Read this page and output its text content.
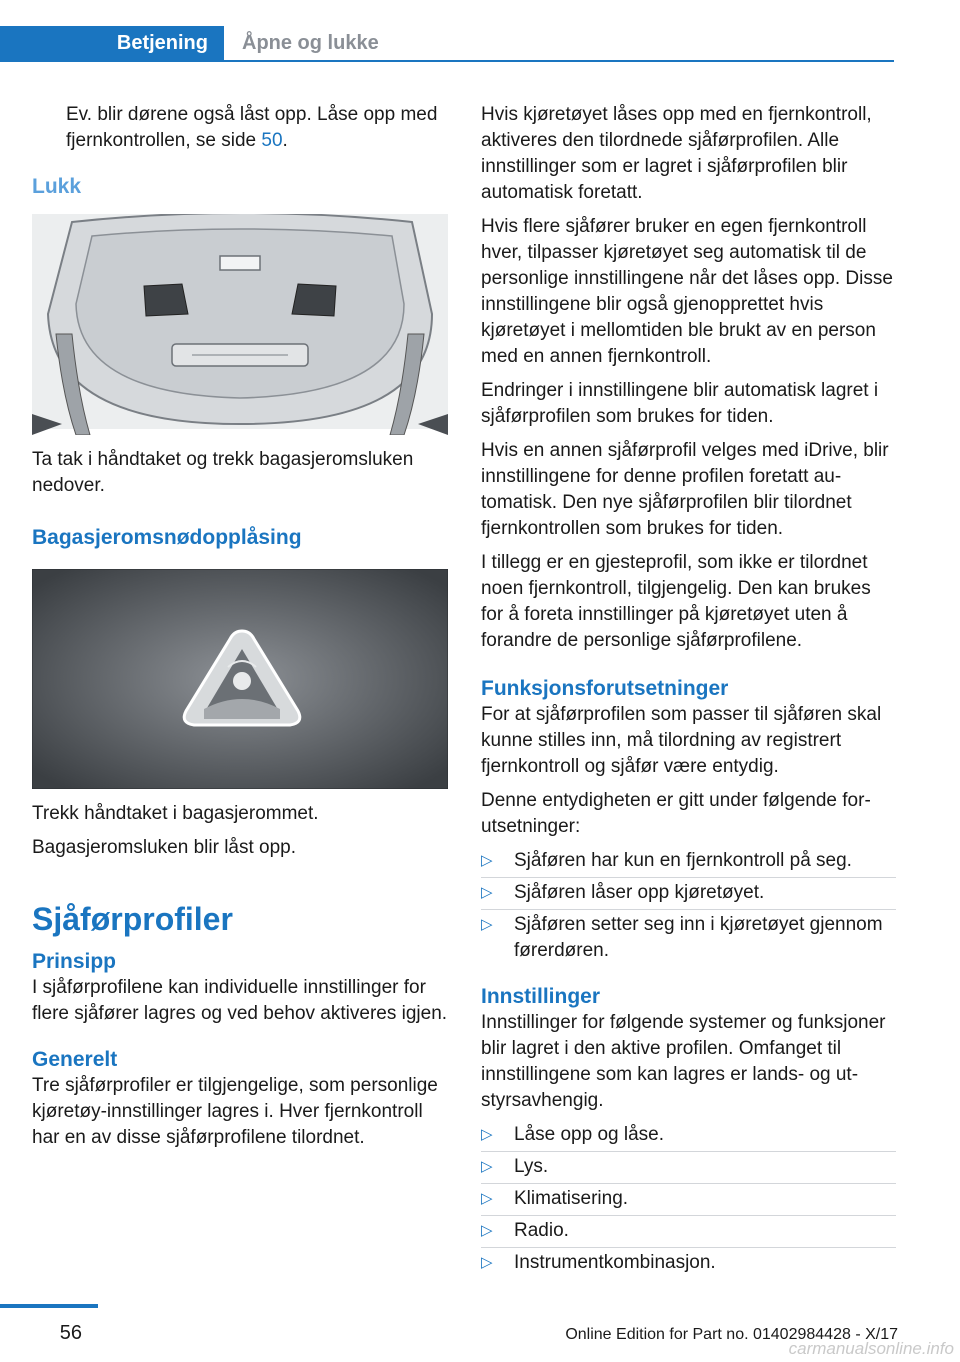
Betjening	Åpne og lukke

Ev. blir dørene også låst opp. Låse opp med fjernkontrollen, se side 50.

Lukk

Ta tak i håndtaket og trekk bagasjeromsluken nedover.

Bagasjeromsnødopplåsing

Trekk håndtaket i bagasjerommet.

Bagasjeromsluken blir låst opp.

Sjåførprofiler
Prinsipp

I sjåførprofilene kan individuelle innstillinger for flere sjåfører lagres og ved behov aktiveres igjen.

Generelt

Tre sjåførprofiler er tilgjengelige, som personlige kjøretøy-innstillinger lagres i. Hver fjernkontroll har en av disse sjåførprofilene tilordnet.

Hvis kjøretøyet låses opp med en fjernkontroll, aktiveres den tilordnede sjåførprofilen. Alle innstillinger som er lagret i sjåførprofilen blir automatisk foretatt.

Hvis flere sjåfører bruker en egen fjernkontroll hver, tilpasser kjøretøyet seg automatisk til de personlige innstillingene når det låses opp. Disse innstillingene blir også gjenopprettet hvis kjøretøyet i mellomtiden ble brukt av en person med en annen fjernkontroll.

Endringer i innstillingene blir automatisk lagret i sjåførprofilen som brukes for tiden.

Hvis en annen sjåførprofil velges med iDrive, blir innstillingene for denne profilen foretatt automatisk. Den nye sjåførprofilen blir tilordnet fjernkontrollen som brukes for tiden.

I tillegg er en gjesteprofil, som ikke er tilordnet noen fjernkontroll, tilgjengelig. Den kan brukes for å foreta innstillinger på kjøretøyet uten å forandre de personlige sjåførprofilene.

Funksjonsforutsetninger

For at sjåførprofilen som passer til sjåføren skal kunne stilles inn, må tilordning av registrert fjernkontroll og sjåfør være entydig.

Denne entydigheten er gitt under følgende forutsetninger:

▷	Sjåføren har kun en fjernkontroll på seg.
▷	Sjåføren låser opp kjøretøyet.
▷	Sjåføren setter seg inn i kjøretøyet gjennom førerdøren.
Innstillinger

Innstillinger for følgende systemer og funksjoner blir lagret i den aktive profilen. Omfanget til innstillingene som kan lagres er lands- og utstyrsavhengig.

▷	Låse opp og låse.
▷	Lys.
▷	Klimatisering.
▷	Radio.
▷	Instrumentkombinasjon.
56	Online Edition for Part no. 01402984428 - X/17
carmanualsonline.info
